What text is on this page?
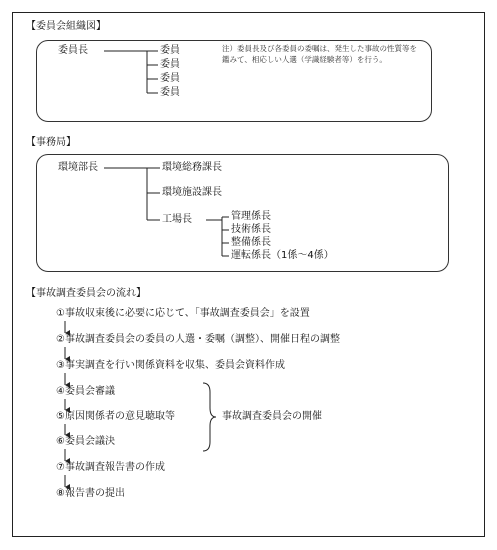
【委員会組織図】
委員長	委員
委員
委員
委員
注）委員長及び各委員の委嘱は、発生した事故の性質等を鑑みて、相応しい人選（学識経験者等）を行う。
【事務局】
環境部長	環境総務課長
環境施設課長
工場長	管理係長
技術係長
整備係長
運転係長（1係～4係）
【事故調査委員会の流れ】
①事故収束後に必要に応じて、「事故調査委員会」を設置
②事故調査委員会の委員の人選・委嘱（調整）、開催日程の調整
③事実調査を行い関係資料を収集、委員会資料作成
④委員会審議
⑤原因関係者の意見聴取等
⑥委員会議決
⑦事故調査報告書の作成
⑧報告書の提出
事故調査委員会の開催
